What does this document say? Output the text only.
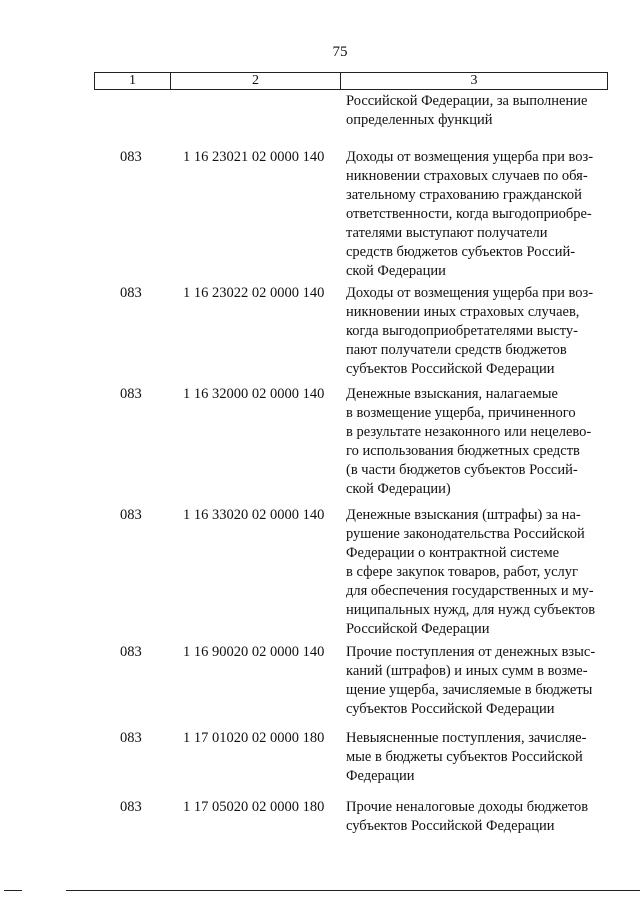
75
1	2	3
Российской Федерации, за выполнение
определенных функций
083	1 16 23021 02 0000 140 Доходы от возмещения ущерба при воз-
никновении страховых случаев по обя-
зательному страхованию гражданской
ответственности, когда выгодоприобре-
тателями выступают получатели
средств бюджетов субъектов Россий-
ской Федерации
083	1 16 23022 02 0000 140 Доходы от возмещения ущерба при воз-
никновении иных страховых случаев,
когда выгодоприобретателями высту-
пают получатели средств бюджетов
субъектов Российской Федерации
083	1 16 32000 02 0000 140 Денежные взыскания, налагаемые
в возмещение ущерба, причиненного
в результате незаконного или нецелево-
го использования бюджетных средств
(в части бюджетов субъектов Россий-
ской Федерации)
083	1 16 33020 02 0000 140 Денежные взыскания (штрафы) за на-
рушение законодательства Российской
Федерации о контрактной системе
в сфере закупок товаров, работ, услуг
для обеспечения государственных и му-
ниципальных нужд, для нужд субъектов
Российской Федерации
083	1 16 90020 02 0000 140 Прочие поступления от денежных взыс-
каний (штрафов) и иных сумм в возме-
щение ущерба, зачисляемые в бюджеты
субъектов Российской Федерации
083	1 17 01020 02 0000 180 Невыясненные поступления, зачисляе-
мые в бюджеты субъектов Российской
Федерации
083	1 17 05020 02 0000 180 Прочие неналоговые доходы бюджетов
субъектов Российской Федерации
